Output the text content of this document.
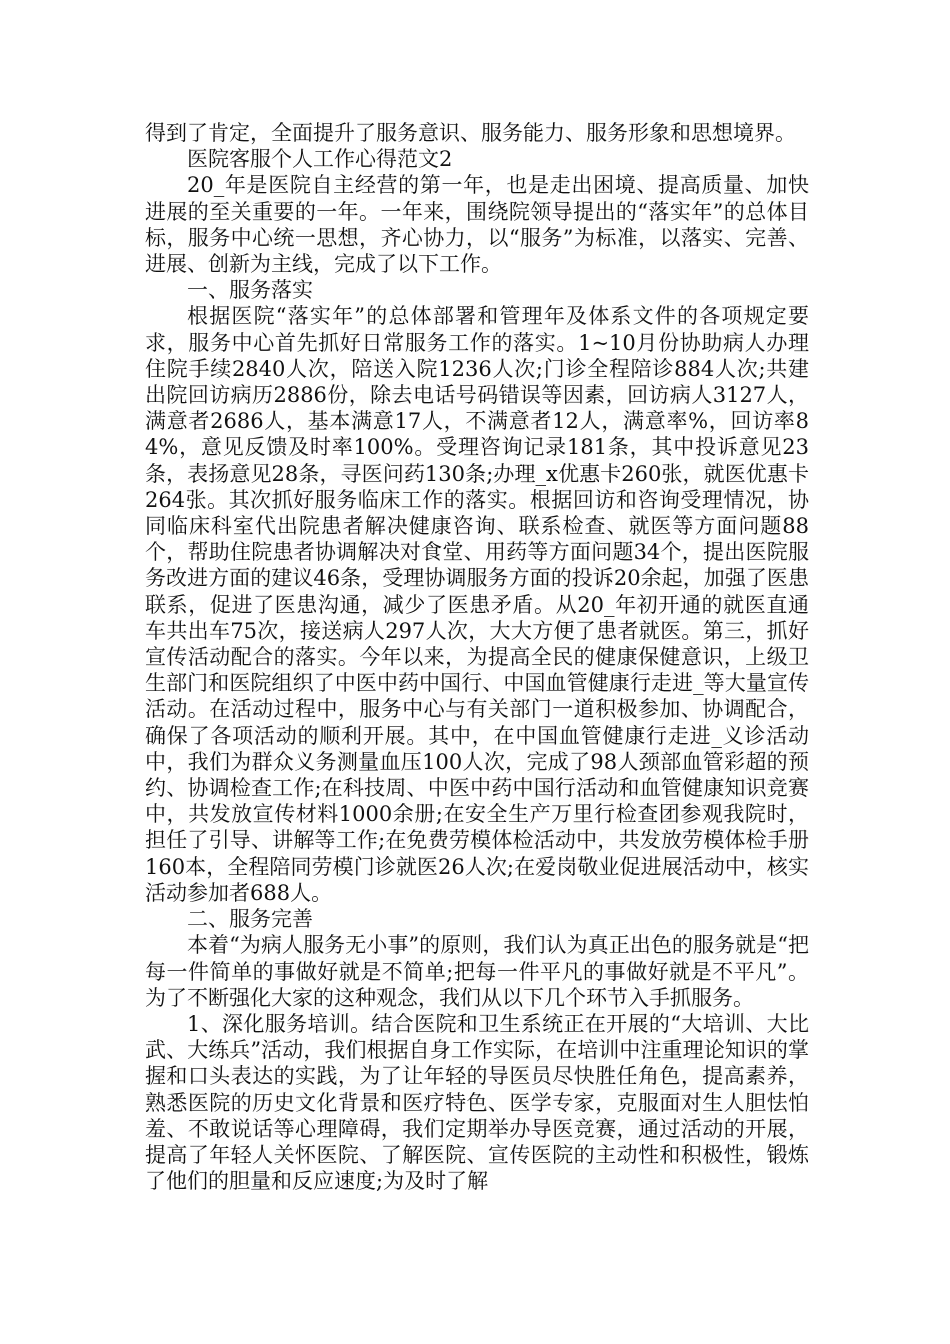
得到了肯定，全面提升了服务意识、服务能力、服务形象和思想境界。

医院客服个人工作心得范文2

20_年是医院自主经营的第一年，也是走出困境、提高质量、加快进展的至关重要的一年。一年来，围绕院领导提出的“落实年”的总体目标，服务中心统一思想，齐心协力，以“服务”为标准，以落实、完善、进展、创新为主线，完成了以下工作。

一、服务落实

根据医院“落实年”的总体部署和管理年及体系文件的各项规定要求，服务中心首先抓好日常服务工作的落实。1~10月份协助病人办理住院手续2840人次，陪送入院1236人次;门诊全程陪诊884人次;共建出院回访病历2886份，除去电话号码错误等因素，回访病人3127人，满意者2686人，基本满意17人，不满意者12人，满意率%，回访率84%，意见反馈及时率100%。受理咨询记录181条，其中投诉意见23条，表扬意见28条，寻医问药130条;办理_x优惠卡260张，就医优惠卡264张。其次抓好服务临床工作的落实。根据回访和咨询受理情况，协同临床科室代出院患者解决健康咨询、联系检查、就医等方面问题88个，帮助住院患者协调解决对食堂、用药等方面问题34个，提出医院服务改进方面的建议46条，受理协调服务方面的投诉20余起，加强了医患联系，促进了医患沟通，减少了医患矛盾。从20_年初开通的就医直通车共出车75次，接送病人297人次，大大方便了患者就医。第三，抓好宣传活动配合的落实。今年以来，为提高全民的健康保健意识，上级卫生部门和医院组织了中医中药中国行、中国血管健康行走进_等大量宣传活动。在活动过程中，服务中心与有关部门一道积极参加、协调配合，确保了各项活动的顺利开展。其中，在中国血管健康行走进_义诊活动中，我们为群众义务测量血压100人次，完成了98人颈部血管彩超的预约、协调检查工作;在科技周、中医中药中国行活动和血管健康知识竞赛中，共发放宣传材料1000余册;在安全生产万里行检查团参观我院时，担任了引导、讲解等工作;在免费劳模体检活动中，共发放劳模体检手册160本，全程陪同劳模门诊就医26人次;在爱岗敬业促进展活动中，核实活动参加者688人。

二、服务完善

本着“为病人服务无小事”的原则，我们认为真正出色的服务就是“把每一件简单的事做好就是不简单;把每一件平凡的事做好就是不平凡”。为了不断强化大家的这种观念，我们从以下几个环节入手抓服务。

1、深化服务培训。结合医院和卫生系统正在开展的“大培训、大比武、大练兵”活动，我们根据自身工作实际，在培训中注重理论知识的掌握和口头表达的实践，为了让年轻的导医员尽快胜任角色，提高素养，熟悉医院的历史文化背景和医疗特色、医学专家，克服面对生人胆怯怕羞、不敢说话等心理障碍，我们定期举办导医竞赛，通过活动的开展，提高了年轻人关怀医院、了解医院、宣传医院的主动性和积极性，锻炼了他们的胆量和反应速度;为及时了解
